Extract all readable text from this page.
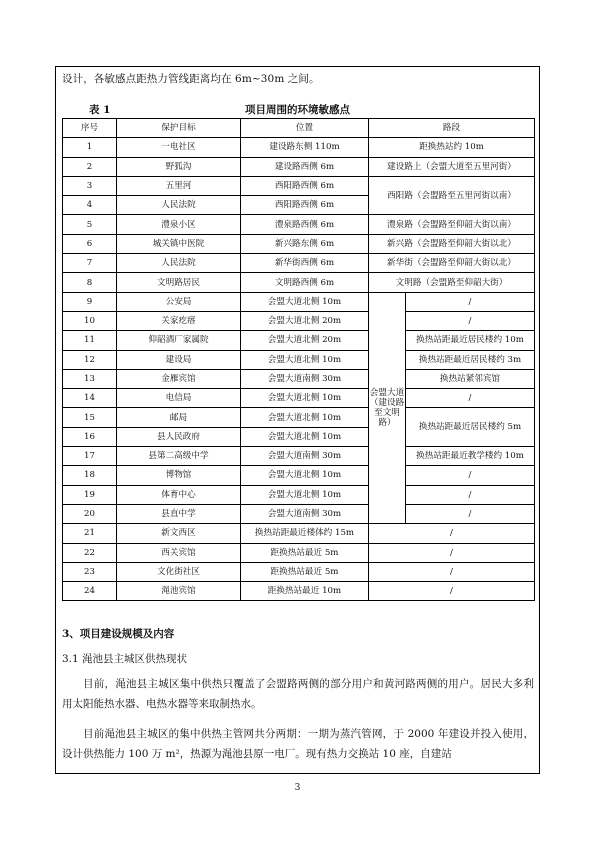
设计，各敏感点距热力管线距离均在 6m~30m 之间。
表 1	项目周围的环境敏感点
序号	保护目标	位置	路段	
1	一电社区	建设路东侧 110m	距换热站约 10m	
2	野狐沟	建设路西侧 6m	建设路上（会盟大道至五里河街）	
3	五里河	西阳路西侧 6m	西阳路（会盟路至五里河街以南）	
4	人民法院	西阳路西侧 6m		
5	澧泉小区	澧泉路西侧 6m	澧泉路（会盟路至仰韶大街以南）	
6	城关镇中医院	新兴路东侧 6m	新兴路（会盟路至仰韶大街以北）	
7	人民法院	新华街西侧 6m	新华街（会盟路至仰韶大街以北）	
8	文明路居民	文明路西侧 6m	文明路（会盟路至仰韶大街）	
9	公安局	会盟大道北侧 10m	会盟大道（建设路至文明路）	/
10	关家疙瘩	会盟大道北侧 20m		/
11	仰韶酒厂家属院	会盟大道北侧 20m		换热站距最近居民楼约 10m
12	建设局	会盟大道北侧 10m		换热站距最近居民楼约 3m
13	金雁宾馆	会盟大道南侧 30m		换热站紧邻宾馆
14	电信局	会盟大道北侧 10m		/
15	邮局	会盟大道北侧 10m		换热站距最近居民楼约 5m
16	县人民政府	会盟大道北侧 10m		
17	县第二高级中学	会盟大道南侧 30m		换热站距最近教学楼约 10m
18	博物馆	会盟大道北侧 10m		/
19	体育中心	会盟大道北侧 10m		/
20	县直中学	会盟大道南侧 30m		/
21	新文西区	换热站距最近楼体约 15m	/	
22	西关宾馆	距换热站最近 5m	/	
23	文化街社区	距换热站最近 5m	/	
24	渑池宾馆	距换热站最近 10m	/	
3、项目建设规模及内容
3.1 渑池县主城区供热现状
目前，渑池县主城区集中供热只覆盖了会盟路两侧的部分用户和黄河路两侧的用户。居民大多利用太阳能热水器、电热水器等来取制热水。
目前渑池县主城区的集中供热主管网共分两期：一期为蒸汽管网，于 2000 年建设并投入使用，设计供热能力 100 万 m²，热源为渑池县原一电厂。现有热力交换站 10 座，自建站
3
